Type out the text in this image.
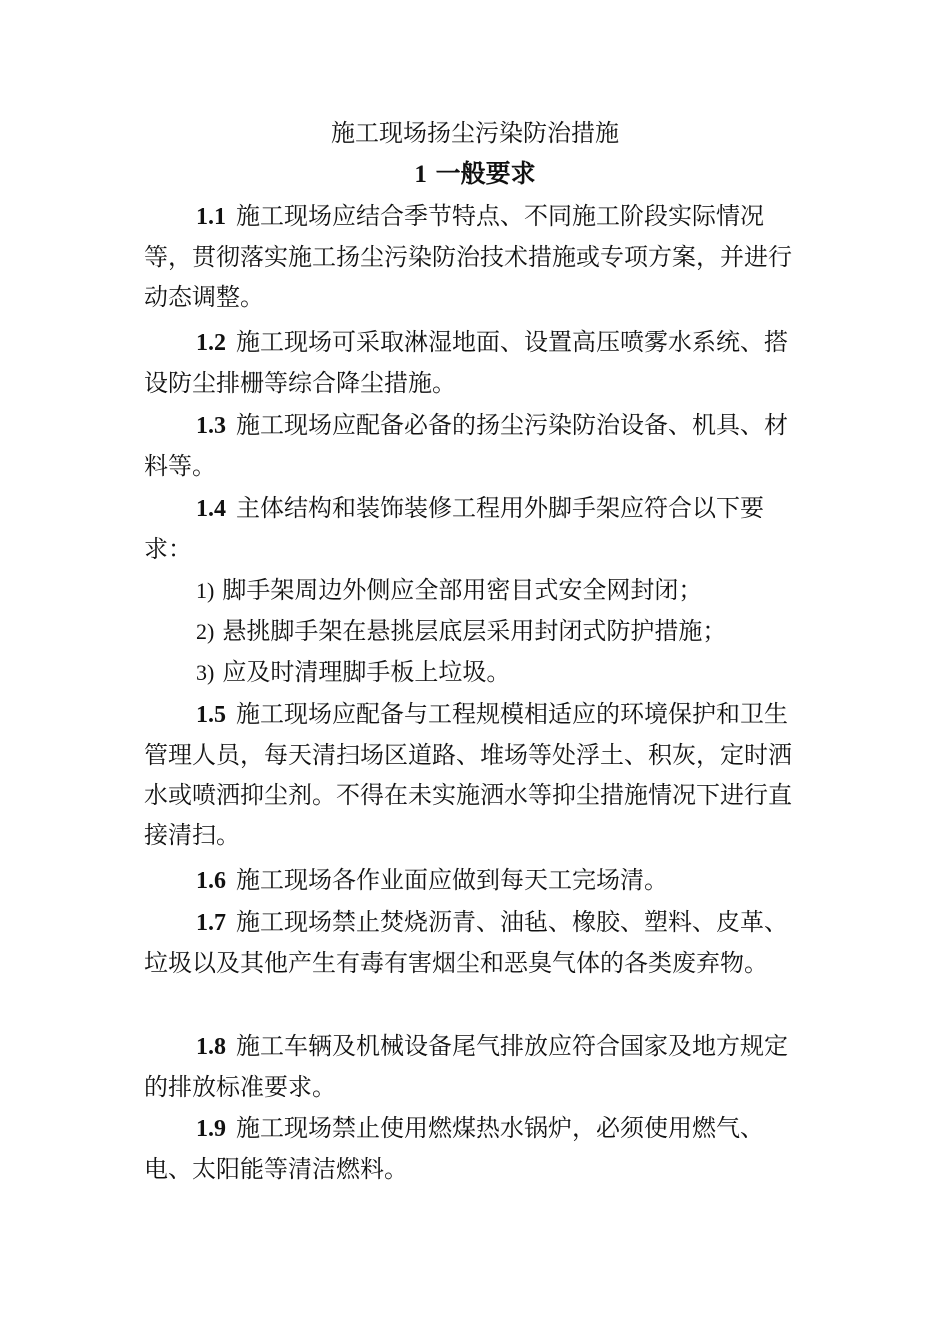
施工现场扬尘污染防治措施
1 一般要求
1.1 施工现场应结合季节特点、不同施工阶段实际情况等，贯彻落实施工扬尘污染防治技术措施或专项方案，并进行动态调整。
1.2 施工现场可采取淋湿地面、设置高压喷雾水系统、搭设防尘排栅等综合降尘措施。
1.3 施工现场应配备必备的扬尘污染防治设备、机具、材料等。
1.4 主体结构和装饰装修工程用外脚手架应符合以下要求：
1) 脚手架周边外侧应全部用密目式安全网封闭；
2) 悬挑脚手架在悬挑层底层采用封闭式防护措施；
3) 应及时清理脚手板上垃圾。
1.5 施工现场应配备与工程规模相适应的环境保护和卫生管理人员，每天清扫场区道路、堆场等处浮土、积灰，定时洒水或喷洒抑尘剂。不得在未实施洒水等抑尘措施情况下进行直接清扫。
1.6 施工现场各作业面应做到每天工完场清。
1.7 施工现场禁止焚烧沥青、油毡、橡胶、塑料、皮革、垃圾以及其他产生有毒有害烟尘和恶臭气体的各类废弃物。
1.8 施工车辆及机械设备尾气排放应符合国家及地方规定的排放标准要求。
1.9 施工现场禁止使用燃煤热水锅炉，必须使用燃气、电、太阳能等清洁燃料。
